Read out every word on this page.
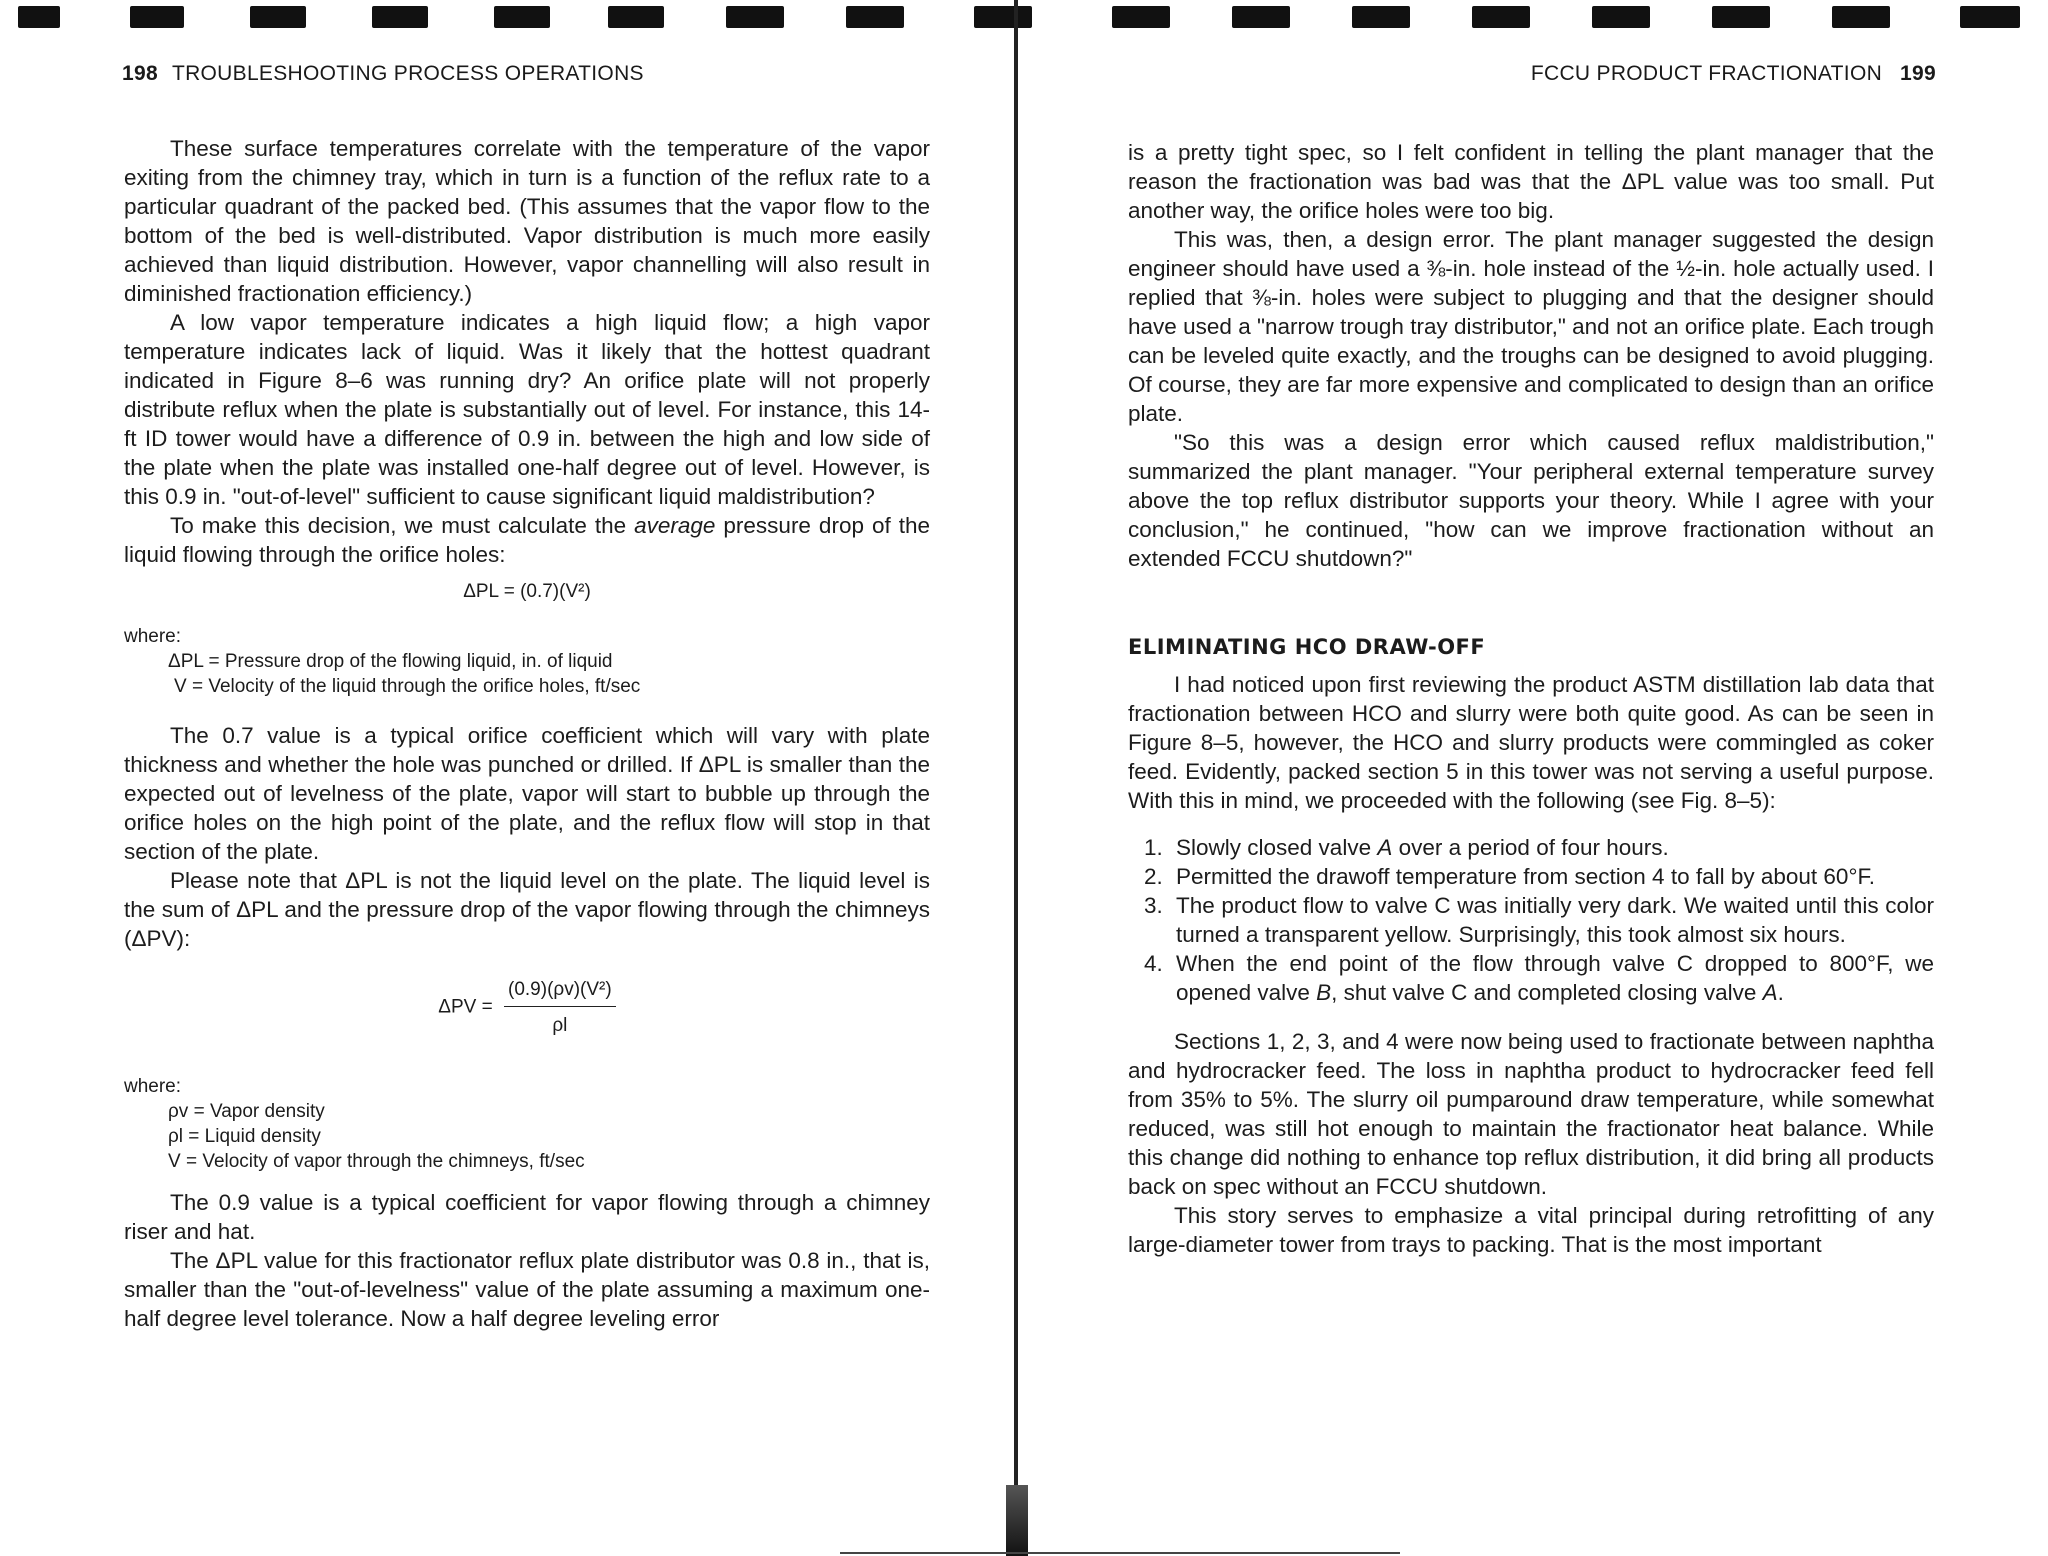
198 TROUBLESHOOTING PROCESS OPERATIONS

These surface temperatures correlate with the temperature of the vapor exiting from the chimney tray, which in turn is a function of the reflux rate to a particular quadrant of the packed bed. (This assumes that the vapor flow to the bottom of the bed is well-distributed. Vapor distribution is much more easily achieved than liquid distribution. However, vapor channelling will also result in diminished fractionation efficiency.)

A low vapor temperature indicates a high liquid flow; a high vapor temperature indicates lack of liquid. Was it likely that the hottest quadrant indicated in Figure 8–6 was running dry? An orifice plate will not properly distribute reflux when the plate is substantially out of level. For instance, this 14-ft ID tower would have a difference of 0.9 in. between the high and low side of the plate when the plate was installed one-half degree out of level. However, is this 0.9 in. "out-of-level" sufficient to cause significant liquid maldistribution?

To make this decision, we must calculate the average pressure drop of the liquid flowing through the orifice holes:

ΔPL = (0.7)(V²)
where:
ΔPL = Pressure drop of the flowing liquid, in. of liquid
V = Velocity of the liquid through the orifice holes, ft/sec

The 0.7 value is a typical orifice coefficient which will vary with plate thickness and whether the hole was punched or drilled. If ΔPL is smaller than the expected out of levelness of the plate, vapor will start to bubble up through the orifice holes on the high point of the plate, and the reflux flow will stop in that section of the plate.

Please note that ΔPL is not the liquid level on the plate. The liquid level is the sum of ΔPL and the pressure drop of the vapor flowing through the chimneys (ΔPV):

$\Delta PV = \frac{\text{(0.9)(ρv)(V²)}}{\rho l}$
where:
ρv = Vapor density
ρl = Liquid density
V = Velocity of vapor through the chimneys, ft/sec

The 0.9 value is a typical coefficient for vapor flowing through a chimney riser and hat.

The ΔPL value for this fractionator reflux plate distributor was 0.8 in., that is, smaller than the "out-of-levelness" value of the plate assuming a maximum one-half degree level tolerance. Now a half degree leveling error

FCCU PRODUCT FRACTIONATION 199

is a pretty tight spec, so I felt confident in telling the plant manager that the reason the fractionation was bad was that the ΔPL value was too small. Put another way, the orifice holes were too big.

This was, then, a design error. The plant manager suggested the design engineer should have used a ⅜-in. hole instead of the ½-in. hole actually used. I replied that ⅜-in. holes were subject to plugging and that the designer should have used a "narrow trough tray distributor," and not an orifice plate. Each trough can be leveled quite exactly, and the troughs can be designed to avoid plugging. Of course, they are far more expensive and complicated to design than an orifice plate.

"So this was a design error which caused reflux maldistribution," summarized the plant manager. "Your peripheral external temperature survey above the top reflux distributor supports your theory. While I agree with your conclusion," he continued, "how can we improve fractionation without an extended FCCU shutdown?"

ELIMINATING HCO DRAW-OFF

I had noticed upon first reviewing the product ASTM distillation lab data that fractionation between HCO and slurry were both quite good. As can be seen in Figure 8–5, however, the HCO and slurry products were commingled as coker feed. Evidently, packed section 5 in this tower was not serving a useful purpose. With this in mind, we proceeded with the following (see Fig. 8–5):

1. Slowly closed valve A over a period of four hours.
2. Permitted the drawoff temperature from section 4 to fall by about 60°F.
3. The product flow to valve C was initially very dark. We waited until this color turned a transparent yellow. Surprisingly, this took almost six hours.
4. When the end point of the flow through valve C dropped to 800°F, we opened valve B, shut valve C and completed closing valve A.

Sections 1, 2, 3, and 4 were now being used to fractionate between naphtha and hydrocracker feed. The loss in naphtha product to hydrocracker feed fell from 35% to 5%. The slurry oil pumparound draw temperature, while somewhat reduced, was still hot enough to maintain the fractionator heat balance. While this change did nothing to enhance top reflux distribution, it did bring all products back on spec without an FCCU shutdown.

This story serves to emphasize a vital principal during retrofitting of any large-diameter tower from trays to packing. That is the most important
